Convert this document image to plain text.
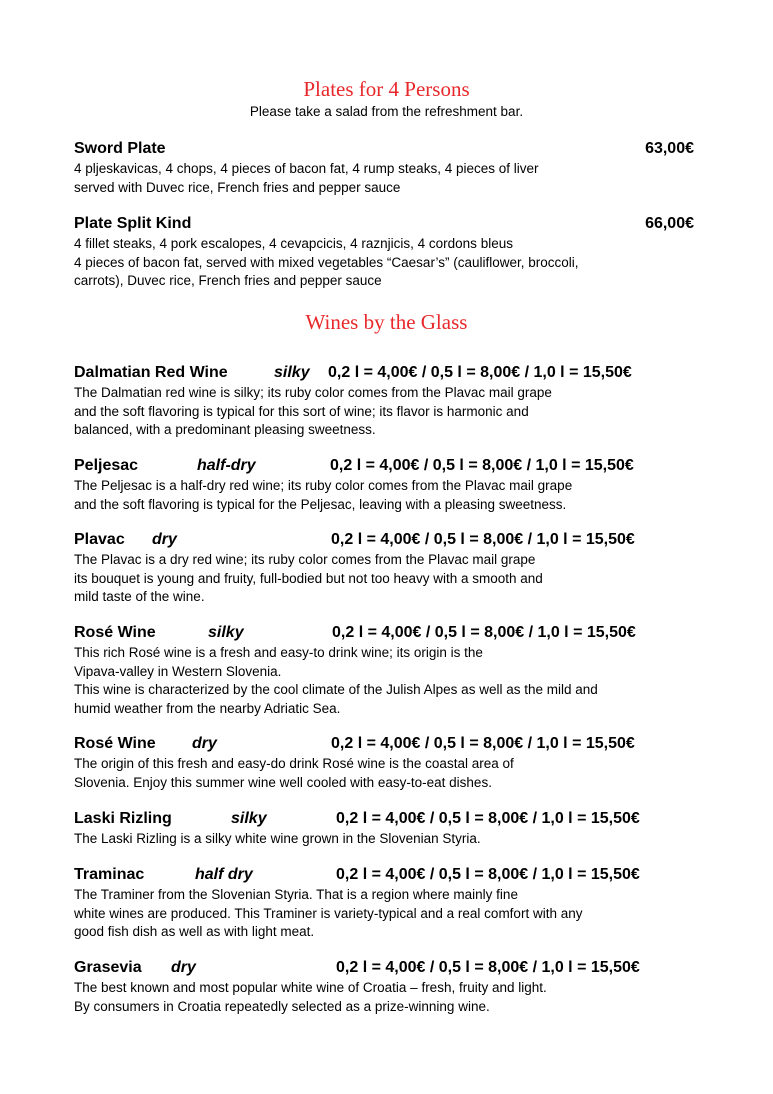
Plates for 4 Persons
Please take a salad from the refreshment bar.
Sword Plate	63,00€
4 pljeskavicas, 4 chops, 4 pieces of bacon fat, 4 rump steaks, 4 pieces of liver
served with Duvec rice, French fries and pepper sauce
Plate Split Kind	66,00€
4 fillet steaks, 4 pork escalopes, 4 cevapcicis, 4 raznjicis, 4 cordons bleus
4 pieces of bacon fat, served with mixed vegetables “Caesar’s” (cauliflower, broccoli,
carrots), Duvec rice, French fries and pepper sauce
Wines by the Glass
Dalmatian Red Wine	silky 0,2 l = 4,00€ / 0,5 l = 8,00€ / 1,0 l = 15,50€
The Dalmatian red wine is silky; its ruby color comes from the Plavac mail grape
and the soft flavoring is typical for this sort of wine; its flavor is harmonic and
balanced, with a predominant pleasing sweetness.
Peljesac	half-dry	0,2 l = 4,00€ / 0,5 l = 8,00€ / 1,0 l = 15,50€
The Peljesac is a half-dry red wine; its ruby color comes from the Plavac mail grape
and the soft flavoring is typical for the Peljesac, leaving with a pleasing sweetness.
Plavac dry	0,2 l = 4,00€ / 0,5 l = 8,00€ / 1,0 l = 15,50€
The Plavac is a dry red wine; its ruby color comes from the Plavac mail grape
its bouquet is young and fruity, full-bodied but not too heavy with a smooth and
mild taste of the wine.
Rosé Wine	silky	0,2 l = 4,00€ / 0,5 l = 8,00€ / 1,0 l = 15,50€
This rich Rosé wine is a fresh and easy-to drink wine; its origin is the
Vipava-valley in Western Slovenia.
This wine is characterized by the cool climate of the Julish Alpes as well as the mild and
humid weather from the nearby Adriatic Sea.
Rosé Wine dry	0,2 l = 4,00€ / 0,5 l = 8,00€ / 1,0 l = 15,50€
The origin of this fresh and easy-do drink Rosé wine is the coastal area of
Slovenia. Enjoy this summer wine well cooled with easy-to-eat dishes.
Laski Rizling	silky	0,2 l = 4,00€ / 0,5 l = 8,00€ / 1,0 l = 15,50€
The Laski Rizling is a silky white wine grown in the Slovenian Styria.
Traminac	half dry	0,2 l = 4,00€ / 0,5 l = 8,00€ / 1,0 l = 15,50€
The Traminer from the Slovenian Styria. That is a region where mainly fine
white wines are produced. This Traminer is variety-typical and a real comfort with any
good fish dish as well as with light meat.
Grasevia dry	0,2 l = 4,00€ / 0,5 l = 8,00€ / 1,0 l = 15,50€
The best known and most popular white wine of Croatia – fresh, fruity and light.
By consumers in Croatia repeatedly selected as a prize-winning wine.
